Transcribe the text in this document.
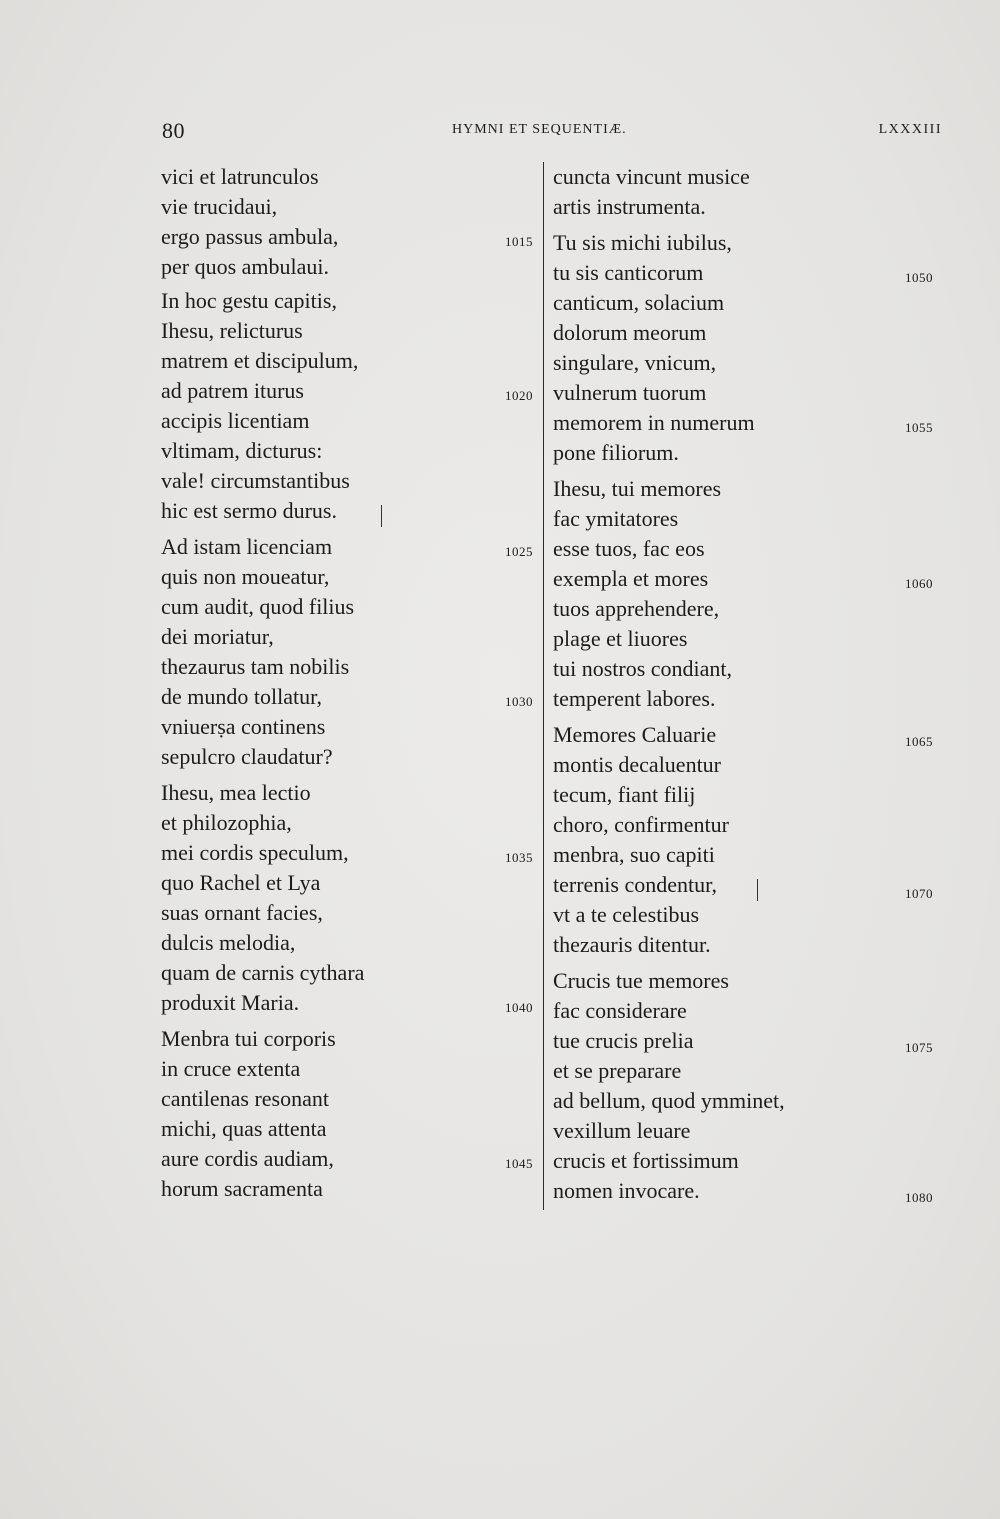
80	HYMNI ET SEQUENTIÆ.	LXXXIII
vici et latrunculos
vie trucidaui,
ergo passus ambula,
per quos ambulaui.
In hoc gestu capitis,
Ihesu, relicturus
matrem et discipulum,
ad patrem iturus
accipis licentiam
vltimam, dicturus:
vale! circumstantibus
hic est sermo durus.
Ad istam licenciam
quis non moueatur,
cum audit, quod filius
dei moriatur,
thezaurus tam nobilis
de mundo tollatur,
vniuerṣa continens
sepulcro claudatur?
Ihesu, mea lectio
et philozophia,
mei cordis speculum,
quo Rachel et Lya
suas ornant facies,
dulcis melodia,
quam de carnis cythara
produxit Maria.
Menbra tui corporis
in cruce extenta
cantilenas resonant
michi, quas attenta
aure cordis audiam,
horum sacramenta
cuncta vincunt musice
artis instrumenta.
Tu sis michi iubilus,
tu sis canticorum
canticum, solacium
dolorum meorum
singulare, vnicum,
vulnerum tuorum
memorem in numerum
pone filiorum.
Ihesu, tui memores
fac ymitatores
esse tuos, fac eos
exempla et mores
tuos apprehendere,
plage et liuores
tui nostros condiant,
temperent labores.
Memores Caluarie
montis decaluentur
tecum, fiant filij
choro, confirmentur
menbra, suo capiti
terrenis condentur,
vt a te celestibus
thezauris ditentur.
Crucis tue memores
fac considerare
tue crucis prelia
et se preparare
ad bellum, quod ymminet,
vexillum leuare
crucis et fortissimum
nomen invocare.
1015
1020
1025
1030
1035
1040
1045
1050
1055
1060
1065
1070
1075
1080
